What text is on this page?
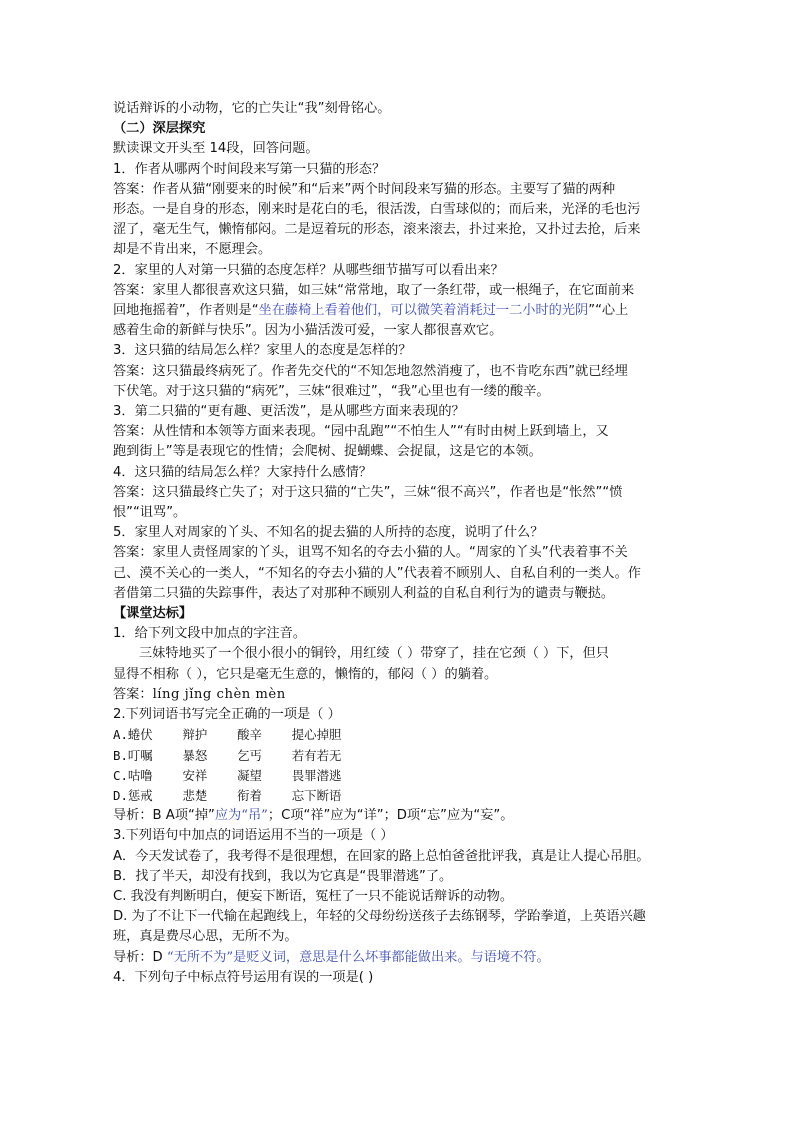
说话辩诉的小动物，它的亡失让“我”刻骨铭心。
（二）深层探究
默读课文开头至 14段，回答问题。
1．作者从哪两个时间段来写第一只猫的形态？
答案：作者从猫“刚要来的时候”和“后来”两个时间段来写猫的形态。主要写了猫的两种
形态。一是自身的形态，刚来时是花白的毛，很活泼，白雪球似的；而后来，光泽的毛也污
涩了，毫无生气，懒惰郁闷。二是逗着玩的形态，滚来滚去，扑过来抢，又扑过去抢，后来
却是不肯出来，不愿理会。
2．家里的人对第一只猫的态度怎样？从哪些细节描写可以看出来？
答案：家里人都很喜欢这只猫，如三妹“常常地，取了一条红带，或一根绳子，在它面前来
回地拖摇着”，作者则是“坐在藤椅上看着他们，可以微笑着消耗过一二小时的光阴”“心上
感着生命的新鲜与快乐”。因为小猫活泼可爱，一家人都很喜欢它。
3．这只猫的结局怎么样？家里人的态度是怎样的？
答案：这只猫最终病死了。作者先交代的“不知怎地忽然消瘦了，也不肯吃东西”就已经埋
下伏笔。对于这只猫的“病死”，三妹“很难过”，“我”心里也有一缕的酸辛。
3．第二只猫的“更有趣、更活泼”，是从哪些方面来表现的？
答案：从性情和本领等方面来表现。“园中乱跑”“不怕生人”“有时由树上跃到墙上，又
跑到街上”等是表现它的性情；会爬树、捉蝴蝶、会捉鼠，这是它的本领。
4．这只猫的结局怎么样？大家持什么感情？
答案：这只猫最终亡失了；对于这只猫的“亡失”，三妹“很不高兴”，作者也是“怅然”“愤
恨”“诅骂”。
5．家里人对周家的丫头、不知名的捉去猫的人所持的态度，说明了什么？
答案：家里人责怪周家的丫头，诅骂不知名的夺去小猫的人。“周家的丫头”代表着事不关
己、漠不关心的一类人，“不知名的夺去小猫的人”代表着不顾别人、自私自利的一类人。作
者借第二只猫的失踪事件，表达了对那种不顾别人利益的自私自利行为的谴责与鞭挞。
【课堂达标】
1．给下列文段中加点的字注音。
三妹特地买了一个很小很小的铜铃，用红绫（ ）带穿了，挂在它颈（ ）下，但只
显得不相称（ ），它只是毫无生意的，懒惰的，郁闷（ ）的躺着。
答案：líng jǐng chèn mèn
2.下列词语书写完全正确的一项是（ ）
A.蜷伏 辩护 酸辛 提心掉胆
B.叮嘱 暴怒 乞丐 若有若无
C.咕噜 安祥 凝望 畏罪潜逃
D.惩戒 悲楚 衔着 忘下断语
导析：B A项“掉”应为“吊”；C项“祥”应为“详”；D项“忘”应为“妄”。
3.下列语句中加点的词语运用不当的一项是（ ）
A．今天发试卷了，我考得不是很理想，在回家的路上总怕爸爸批评我，真是让人提心吊胆。
B．找了半天，却没有找到，我以为它真是“畏罪潜逃”了。
C. 我没有判断明白，便妄下断语，冤枉了一只不能说话辩诉的动物。
D. 为了不让下一代输在起跑线上，年轻的父母纷纷送孩子去练钢琴，学跆拳道，上英语兴趣
班，真是费尽心思，无所不为。
导析：D “无所不为”是贬义词，意思是什么坏事都能做出来。与语境不符。
4．下列句子中标点符号运用有误的一项是( )
